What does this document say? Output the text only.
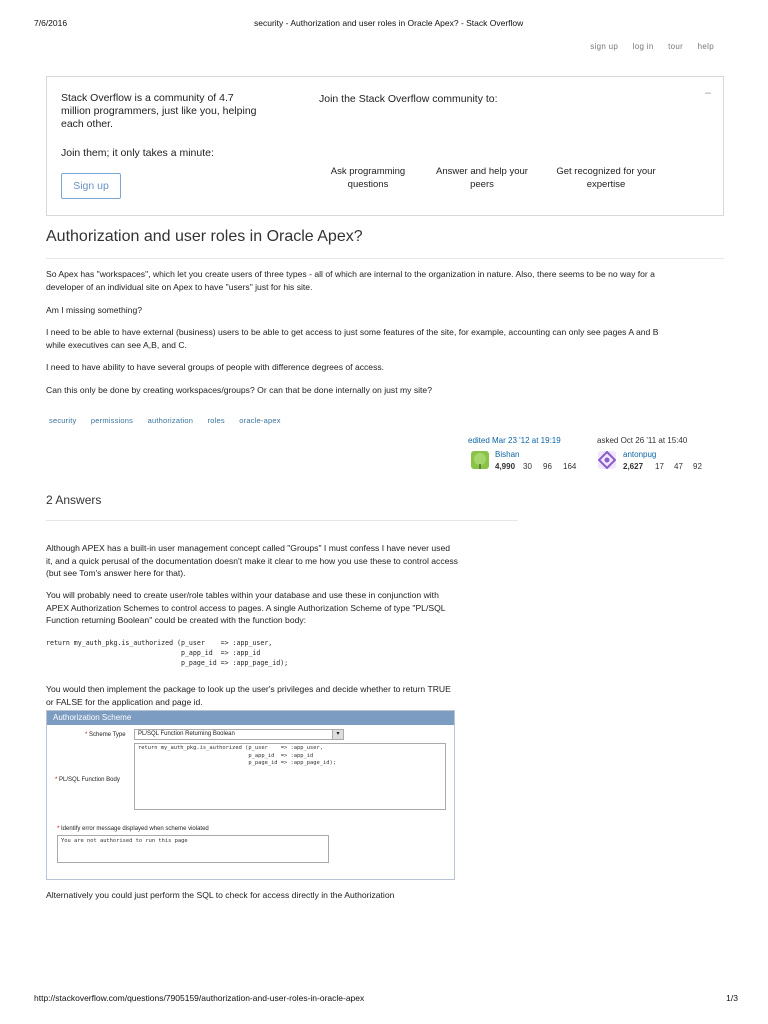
7/6/2016	security - Authorization and user roles in Oracle Apex? - Stack Overflow
sign up log in tour help
Stack Overflow is a community of 4.7 million programmers, just like you, helping each other.
Join them; it only takes a minute:
Sign up
Join the Stack Overflow community to:	–
Ask programming questions
Answer and help your peers
Get recognized for your expertise
Authorization and user roles in Oracle Apex?

So Apex has "workspaces", which let you create users of three types - all of which are internal to the organization in nature. Also, there seems to be no way for a developer of an individual site on Apex to have "users" just for his site.

Am I missing something?

I need to be able to have external (business) users to be able to get access to just some features of the site, for example, accounting can only see pages A and B while executives can see A,B, and C.

I need to have ability to have several groups of people with difference degrees of access.

Can this only be done by creating workspaces/groups? Or can that be done internally on just my site?

security permissions authorization roles oracle-apex
edited Mar 23 '12 at 19:19
Bishan
4,990 30 96 164
asked Oct 26 '11 at 15:40
antonpug
2,627 17 47 92
2 Answers

Although APEX has a built-in user management concept called "Groups" I must confess I have never used it, and a quick perusal of the documentation doesn't make it clear to me how you use these to control access (but see Tom's answer here for that).

You will probably need to create user/role tables within your database and use these in conjunction with APEX Authorization Schemes to control access to pages. A single Authorization Scheme of type "PL/SQL Function returning Boolean" could be created with the function body:

return my_auth_pkg.is_authorized (p_user    => :app_user,
p_app_id  => :app_id
p_page_id => :app_page_id);

You would then implement the package to look up the user's privileges and decide whether to return TRUE or FALSE for the application and page id.

Authorization Scheme
* Scheme Type PL/SQL Function Returning Boolean	▾
return my_auth_pkg.is_authorized (p_user    => :app_user,
p_app_id  => :app_id
p_page_id => :app_page_id);
* PL/SQL Function Body
* Identify error message displayed when scheme violated
You are not authorised to run this page

Alternatively you could just perform the SQL to check for access directly in the Authorization

http://stackoverflow.com/questions/7905159/authorization-and-user-roles-in-oracle-apex	1/3
